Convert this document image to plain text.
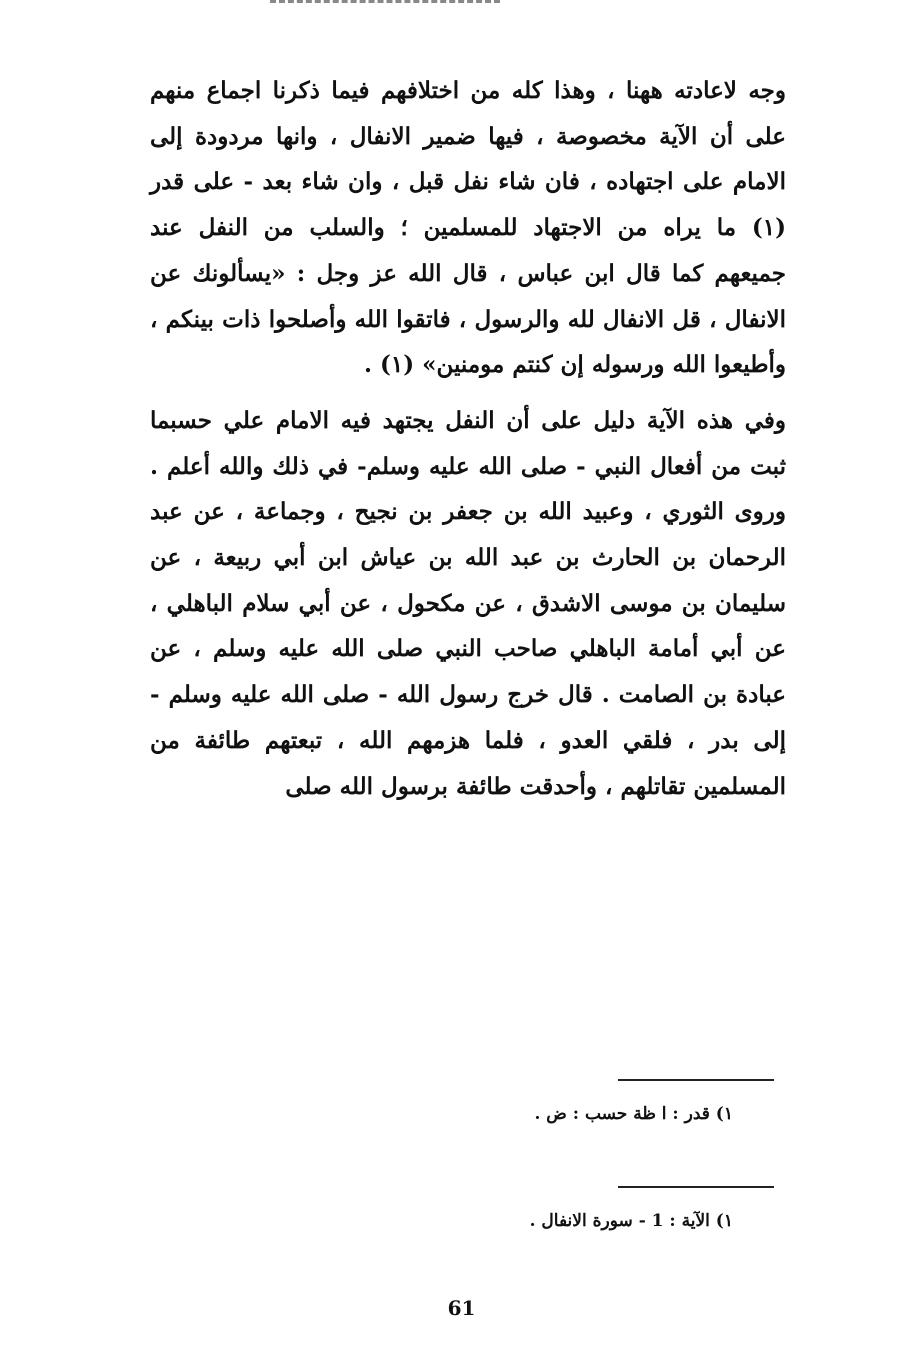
وجه لاعادته ههنا ، وهذا كله من اختلافهم فيما ذكرنا اجماع منهم على أن الآية مخصوصة ، فيها ضمير الانفال ، وانها مردودة إلى الامام على اجتهاده ، فان شاء نفل قبل ، وان شاء بعد - على قدر (١) ما يراه من الاجتهاد للمسلمين ؛ والسلب من النفل عند جميعهم كما قال ابن عباس ، قال الله عز وجل : «يسألونك عن الانفال ، قل الانفال لله والرسول ، فاتقوا الله وأصلحوا ذات بينكم ، وأطيعوا الله ورسوله إن كنتم مومنين» (١) .

وفي هذه الآية دليل على أن النفل يجتهد فيه الامام علي حسبما ثبت من أفعال النبي - صلى الله عليه وسلم- في ذلك والله أعلم . وروى الثوري ، وعبيد الله بن جعفر بن نجيح ، وجماعة ، عن عبد الرحمان بن الحارث بن عبد الله بن عياش ابن أبي ربيعة ، عن سليمان بن موسى الاشدق ، عن مكحول ، عن أبي سلام الباهلي ، عن أبي أمامة الباهلي صاحب النبي صلى الله عليه وسلم ، عن عبادة بن الصامت . قال خرج رسول الله - صلى الله عليه وسلم - إلى بدر ، فلقي العدو ، فلما هزمهم الله ، تبعتهم طائفة من المسلمين تقاتلهم ، وأحدقت طائفة برسول الله صلى

١) قدر : ا ظة حسب : ض .
١) الآية : 1 - سورة الانفال .
61
